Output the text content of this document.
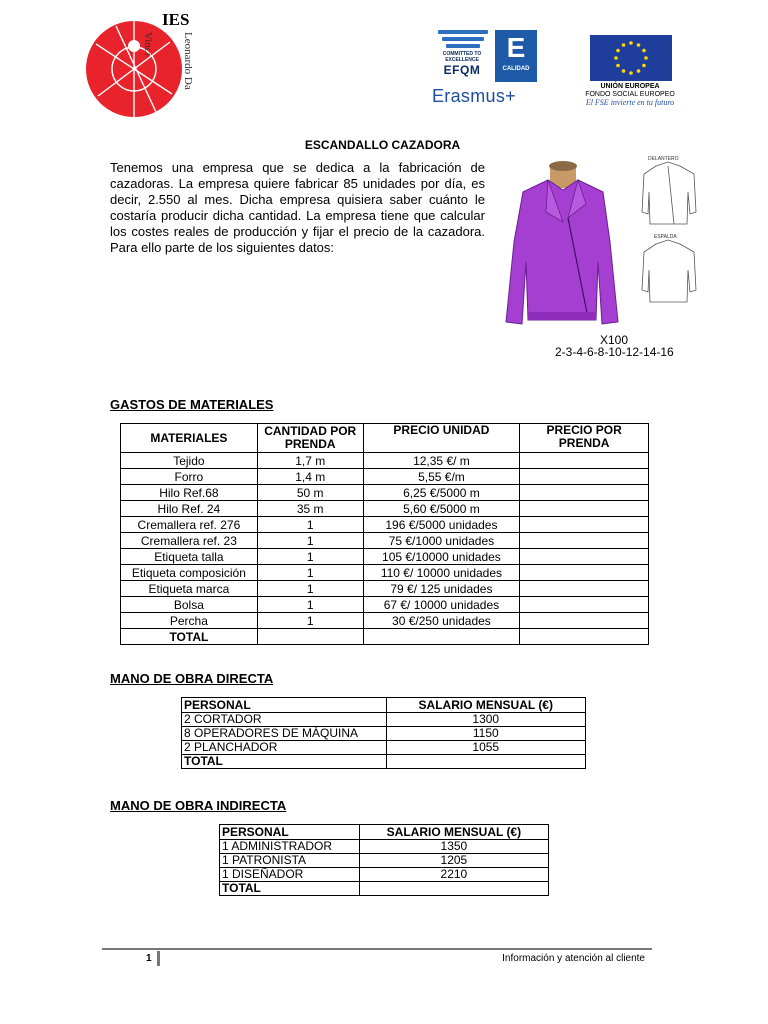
IES
Leonardo Da Vinci	COMMITTED TO EXCELLENCE
EFQM
E
CALIDAD
Erasmus+	UNIÓN EUROPEA
FONDO SOCIAL EUROPEO
El FSE invierte en tu futuro
ESCANDALLO CAZADORA
Tenemos una empresa que se dedica a la fabricación de cazadoras. La empresa quiere fabricar 85 unidades por día, es decir, 2.550 al mes. Dicha empresa quisiera saber cuánto le costaría producir dicha cantidad. La empresa tiene que calcular los costes reales de producción y fijar el precio de la cazadora. Para ello parte de los siguientes datos:
DELANTERO
ESPALDA
X100
2-3-4-6-8-10-12-14-16
GASTOS DE MATERIALES
MATERIALES	CANTIDAD POR PRENDA	PRECIO UNIDAD	PRECIO POR PRENDA
Tejido	1,7 m	12,35 €/ m	
Forro	1,4 m	5,55 €/m	
Hilo Ref.68	50 m	6,25 €/5000 m	
Hilo Ref. 24	35 m	5,60 €/5000 m	
Cremallera ref. 276	1	196 €/5000 unidades	
Cremallera ref. 23	1	75 €/1000 unidades	
Etiqueta talla	1	105 €/10000 unidades	
Etiqueta composición	1	110 €/ 10000 unidades	
Etiqueta marca	1	79 €/ 125 unidades	
Bolsa	1	67 €/ 10000 unidades	
Percha	1	30 €/250 unidades	
TOTAL			
MANO DE OBRA DIRECTA
PERSONAL	SALARIO MENSUAL (€)
2 CORTADOR	1300
8 OPERADORES DE MÁQUINA	1150
2 PLANCHADOR	1055
TOTAL	
MANO DE OBRA INDIRECTA
PERSONAL	SALARIO MENSUAL (€)
1 ADMINISTRADOR	1350
1 PATRONISTA	1205
1 DISEÑADOR	2210
TOTAL	
1	Información y atención al cliente
